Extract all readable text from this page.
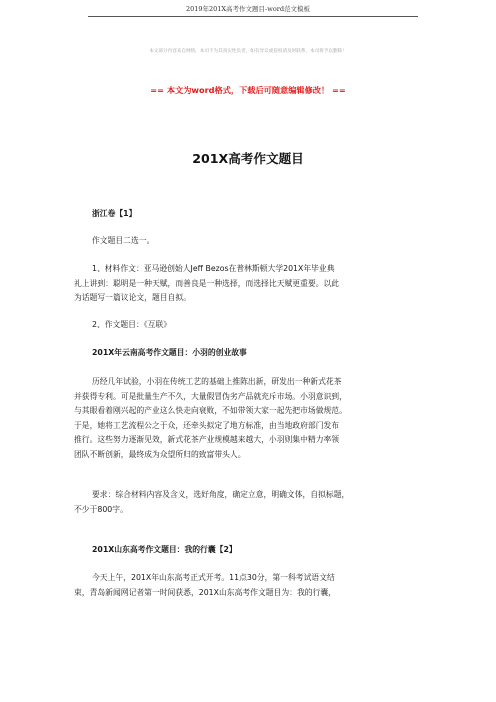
2019年201X高考作文题目-word范文模板
本文部分内容来自网络，本司不为其真实性负责，如有异议或侵权请及时联系，本司将予以删除！
== 本文为word格式，下载后可随意编辑修改！ ==
201X高考作文题目
浙江卷【1】
作文题目二选一。
1、材料作文：亚马逊创始人Jeff Bezos在普林斯顿大学201X年毕业典
礼上讲到：聪明是一种天赋，而善良是一种选择，而选择比天赋更重要。以此
为话题写一篇议论文，题目自拟。
2、作文题目：《互联》
201X年云南高考作文题目：小羽的创业故事
历经几年试验，小羽在传统工艺的基础上推陈出新，研发出一种新式花茶
并获得专利。可是批量生产不久，大量假冒伪劣产品就充斥市场。小羽意识到，
与其眼看着刚兴起的产业这么快走向衰败，不如带领大家一起先把市场做规范。
于是，她将工艺流程公之于众，还牵头拟定了地方标准，由当地政府部门发布
推行。这些努力逐渐见效，新式花茶产业规模越来越大，小羽则集中精力率领
团队不断创新，最终成为众望所归的致富带头人。
要求：综合材料内容及含义，选好角度，确定立意，明确文体，自拟标题，
不少于800字。
201X山东高考作文题目：我的行囊【2】
今天上午，201X年山东高考正式开考。11点30分，第一科考试语文结
束，青岛新闻网记者第一时间获悉，201X山东高考作文题目为：我的行囊，
